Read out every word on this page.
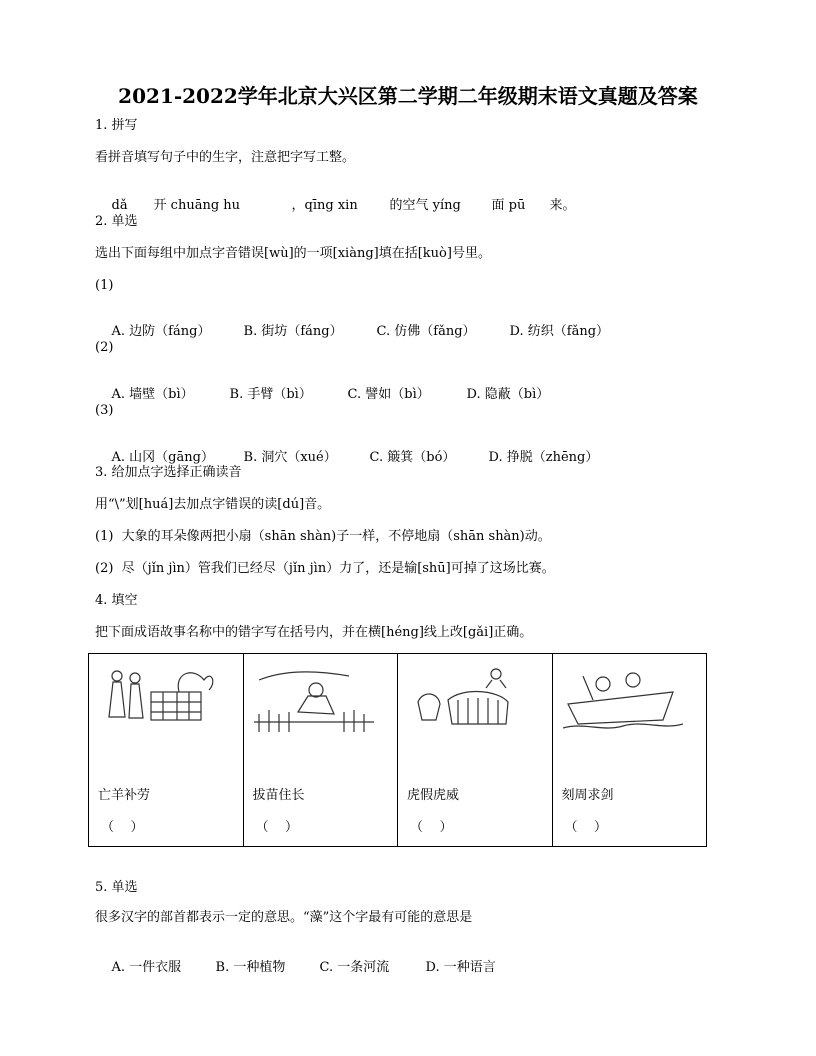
2021-2022学年北京大兴区第二学期二年级期末语文真题及答案
1. 拼写
看拼音填写句子中的生字，注意把字写工整。

dǎ 开 chuāng hu	，qīng xin 的空气 yíng 面 pū 来。

2. 单选
选出下面每组中加点字音错误[wù]的一项[xiàng]填在括[kuò]号里。
(1)

A. 边防（fáng）	B. 街坊（fáng）	C. 仿佛（fǎng）	D. 纺织（fǎng）

(2)

A. 墙壁（bì）	B. 手臂（bì）	C. 譬如（bì）	D. 隐蔽（bì）

(3)

A. 山冈（gāng） B. 洞穴（xué）	C. 簸箕（bó）	D. 挣脱（zhēng）

3. 给加点字选择正确读音
用“\”划[huá]去加点字错误的读[dú]音。
(1)  大象的耳朵像两把小扇（shān shàn)子一样，不停地扇（shān shàn)动。
(2)  尽（jǐn jìn）管我们已经尽（jǐn jìn）力了，还是输[shū]可掉了这场比赛。
4. 填空
把下面成语故事名称中的错字写在括号内，并在横[héng]线上改[gǎi]正确。
亡羊补劳
（    ）

拔苗住长
（    ）

虎假虎威
（    ）

刻周求剑
（    ）
5. 单选
很多汉字的部首都表示一定的意思。“藻”这个字最有可能的意思是

A. 一件衣服	B. 一种植物	C. 一条河流	D. 一种语言
